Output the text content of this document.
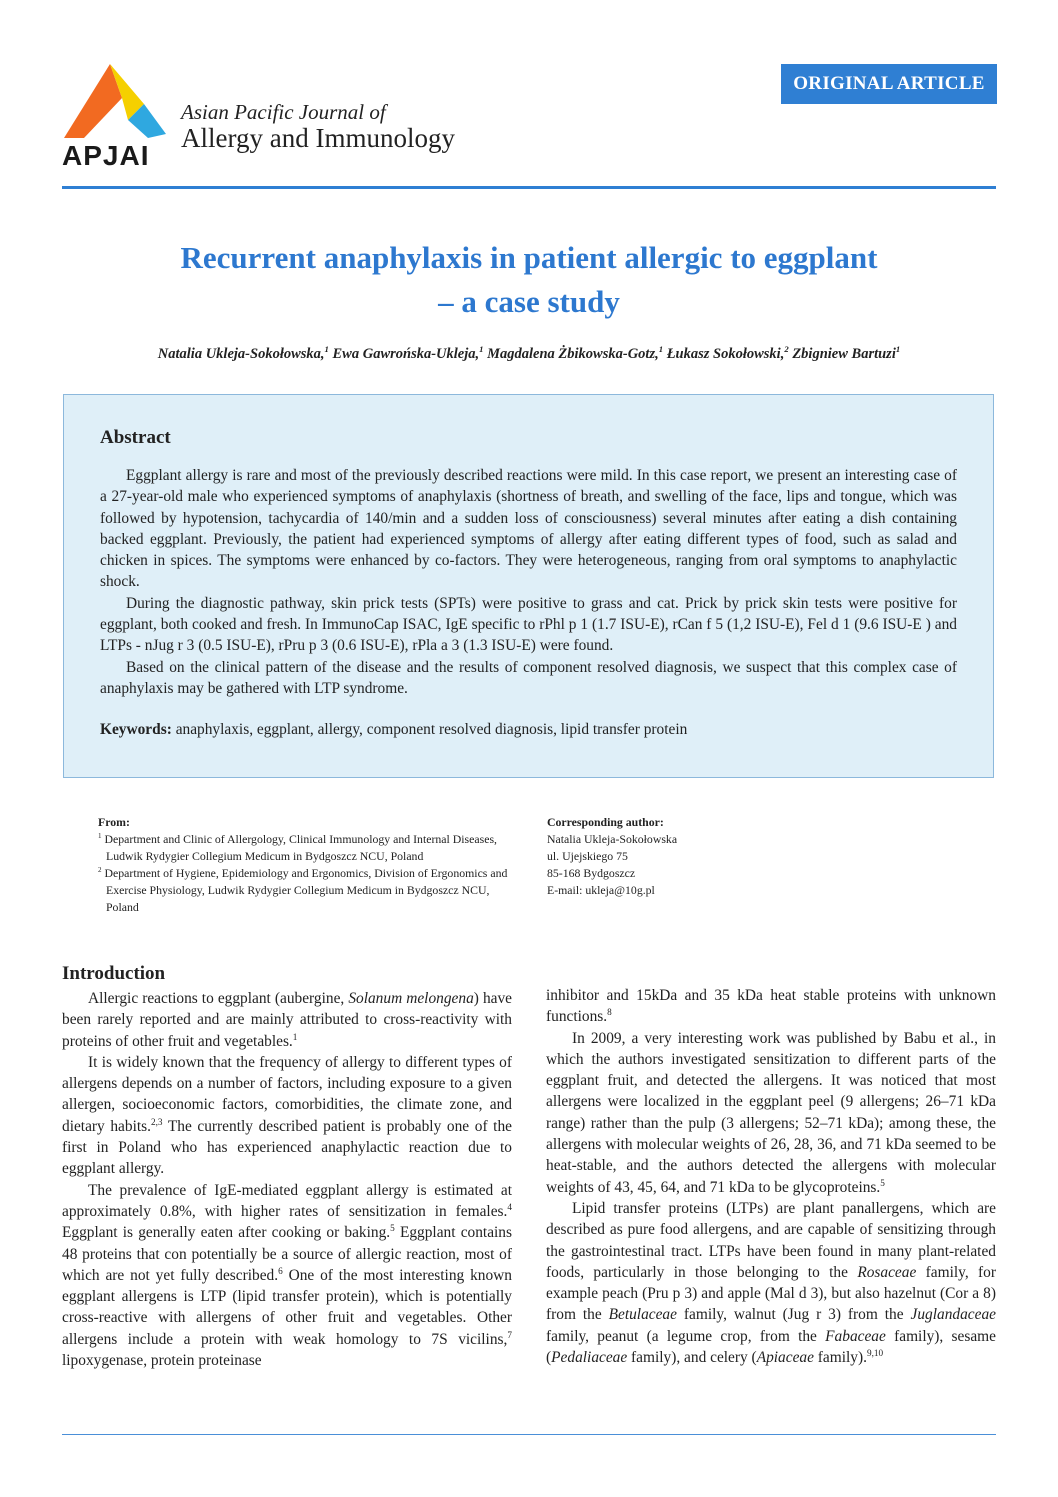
APJAI
Asian Pacific Journal of
Allergy and Immunology
ORIGINAL ARTICLE
Recurrent anaphylaxis in patient allergic to eggplant
– a case study
Natalia Ukleja-Sokołowska,$^1$ Ewa Gawrońska-Ukleja,$^1$ Magdalena Żbikowska-Gotz,$^1$ Łukasz Sokołowski,$^2$ Zbigniew Bartuzi$^1$
Abstract

Eggplant allergy is rare and most of the previously described reactions were mild. In this case report, we present an interesting case of a 27-year-old male who experienced symptoms of anaphylaxis (shortness of breath, and swelling of the face, lips and tongue, which was followed by hypotension, tachycardia of 140/min and a sudden loss of consciousness) several minutes after eating a dish containing backed eggplant. Previously, the patient had experienced symptoms of allergy after eating different types of food, such as salad and chicken in spices. The symptoms were enhanced by co-factors. They were heterogeneous, ranging from oral symptoms to anaphylactic shock.

During the diagnostic pathway, skin prick tests (SPTs) were positive to grass and cat. Prick by prick skin tests were positive for eggplant, both cooked and fresh. In ImmunoCap ISAC, IgE specific to rPhl p 1 (1.7 ISU-E), rCan f 5 (1,2 ISU-E), Fel d 1 (9.6 ISU-E ) and LTPs - nJug r 3 (0.5 ISU-E), rPru p 3 (0.6 ISU-E), rPla a 3 (1.3 ISU-E) were found.

Based on the clinical pattern of the disease and the results of component resolved diagnosis, we suspect that this complex case of anaphylaxis may be gathered with LTP syndrome.

Keywords: anaphylaxis, eggplant, allergy, component resolved diagnosis, lipid transfer protein

From:
$^1$ Department and Clinic of Allergology, Clinical Immunology and Internal Diseases, Ludwik Rydygier Collegium Medicum in Bydgoszcz NCU, Poland
$^2$ Department of Hygiene, Epidemiology and Ergonomics, Division of Ergonomics and Exercise Physiology, Ludwik Rydygier Collegium Medicum in Bydgoszcz NCU, Poland
Corresponding author:
Natalia Ukleja-Sokołowska
ul. Ujejskiego 75
85-168 Bydgoszcz
E-mail: ukleja@10g.pl
Introduction

Allergic reactions to eggplant (aubergine, Solanum melongena) have been rarely reported and are mainly attributed to cross-reactivity with proteins of other fruit and vegetables.$^1$

It is widely known that the frequency of allergy to different types of allergens depends on a number of factors, including exposure to a given allergen, socioeconomic factors, comorbidities, the climate zone, and dietary habits.$^{2,3}$ The currently described patient is probably one of the first in Poland who has experienced anaphylactic reaction due to eggplant allergy.

The prevalence of IgE-mediated eggplant allergy is estimated at approximately 0.8%, with higher rates of sensitization in females.$^4$ Eggplant is generally eaten after cooking or baking.$^5$ Eggplant contains 48 proteins that con potentially be a source of allergic reaction, most of which are not yet fully described.$^6$ One of the most interesting known eggplant allergens is LTP (lipid transfer protein), which is potentially cross-reactive with allergens of other fruit and vegetables. Other allergens include a protein with weak homology to 7S vicilins,$^7$ lipoxygenase, protein proteinase

inhibitor and 15kDa and 35 kDa heat stable proteins with unknown functions.$^8$

In 2009, a very interesting work was published by Babu et al., in which the authors investigated sensitization to different parts of the eggplant fruit, and detected the allergens. It was noticed that most allergens were localized in the eggplant peel (9 allergens; 26–71 kDa range) rather than the pulp (3 allergens; 52–71 kDa); among these, the allergens with molecular weights of 26, 28, 36, and 71 kDa seemed to be heat-stable, and the authors detected the allergens with molecular weights of 43, 45, 64, and 71 kDa to be glycoproteins.$^5$

Lipid transfer proteins (LTPs) are plant panallergens, which are described as pure food allergens, and are capable of sensitizing through the gastrointestinal tract. LTPs have been found in many plant-related foods, particularly in those belonging to the Rosaceae family, for example peach (Pru p 3) and apple (Mal d 3), but also hazelnut (Cor a 8) from the Betulaceae family, walnut (Jug r 3) from the Juglandaceae family, peanut (a legume crop, from the Fabaceae family), sesame (Pedaliaceae family), and celery (Apiaceae family).$^{9,10}$
